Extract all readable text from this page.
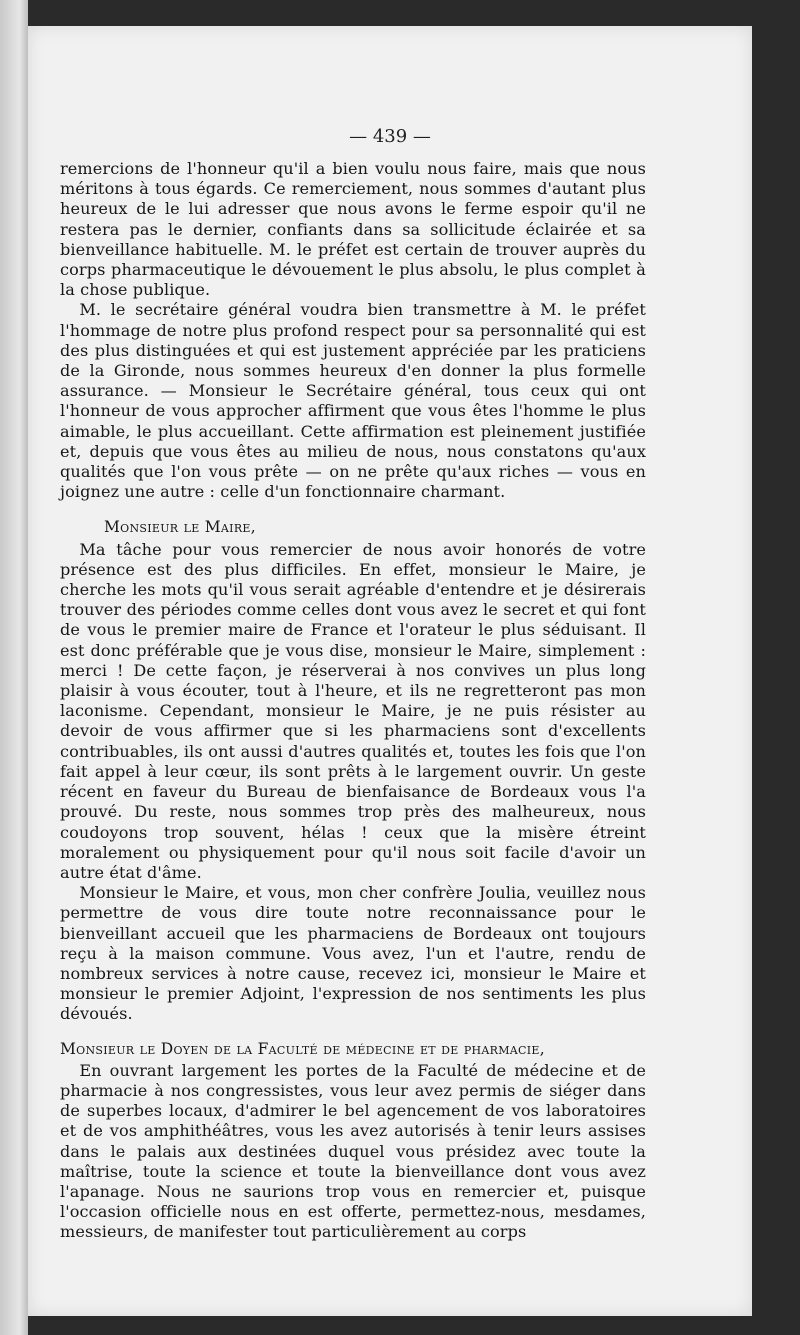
— 439 —

remercions de l'honneur qu'il a bien voulu nous faire, mais que nous méritons à tous égards. Ce remerciement, nous sommes d'autant plus heureux de le lui adresser que nous avons le ferme espoir qu'il ne restera pas le dernier, confiants dans sa sollicitude éclairée et sa bienveillance habituelle. M. le préfet est certain de trouver auprès du corps pharmaceutique le dévouement le plus absolu, le plus complet à la chose publique.

M. le secrétaire général voudra bien transmettre à M. le préfet l'hommage de notre plus profond respect pour sa personnalité qui est des plus distinguées et qui est justement appréciée par les praticiens de la Gironde, nous sommes heureux d'en donner la plus formelle assurance. — Monsieur le Secrétaire général, tous ceux qui ont l'honneur de vous approcher affirment que vous êtes l'homme le plus aimable, le plus accueillant. Cette affirmation est pleinement justifiée et, depuis que vous êtes au milieu de nous, nous constatons qu'aux qualités que l'on vous prête — on ne prête qu'aux riches — vous en joignez une autre : celle d'un fonctionnaire charmant.

Monsieur le Maire,

Ma tâche pour vous remercier de nous avoir honorés de votre présence est des plus difficiles. En effet, monsieur le Maire, je cherche les mots qu'il vous serait agréable d'entendre et je désirerais trouver des périodes comme celles dont vous avez le secret et qui font de vous le premier maire de France et l'orateur le plus séduisant. Il est donc préférable que je vous dise, monsieur le Maire, simplement : merci ! De cette façon, je réserverai à nos convives un plus long plaisir à vous écouter, tout à l'heure, et ils ne regretteront pas mon laconisme. Cependant, monsieur le Maire, je ne puis résister au devoir de vous affirmer que si les pharmaciens sont d'excellents contribuables, ils ont aussi d'autres qualités et, toutes les fois que l'on fait appel à leur cœur, ils sont prêts à le largement ouvrir. Un geste récent en faveur du Bureau de bienfaisance de Bordeaux vous l'a prouvé. Du reste, nous sommes trop près des malheureux, nous coudoyons trop souvent, hélas ! ceux que la misère étreint moralement ou physiquement pour qu'il nous soit facile d'avoir un autre état d'âme.

Monsieur le Maire, et vous, mon cher confrère Joulia, veuillez nous permettre de vous dire toute notre reconnaissance pour le bienveillant accueil que les pharmaciens de Bordeaux ont toujours reçu à la maison commune. Vous avez, l'un et l'autre, rendu de nombreux services à notre cause, recevez ici, monsieur le Maire et monsieur le premier Adjoint, l'expression de nos sentiments les plus dévoués.

Monsieur le Doyen de la Faculté de médecine et de pharmacie,

En ouvrant largement les portes de la Faculté de médecine et de pharmacie à nos congressistes, vous leur avez permis de siéger dans de superbes locaux, d'admirer le bel agencement de vos laboratoires et de vos amphithéâtres, vous les avez autorisés à tenir leurs assises dans le palais aux destinées duquel vous présidez avec toute la maîtrise, toute la science et toute la bienveillance dont vous avez l'apanage. Nous ne saurions trop vous en remercier et, puisque l'occasion officielle nous en est offerte, permettez-nous, mesdames, messieurs, de manifester tout particulièrement au corps
